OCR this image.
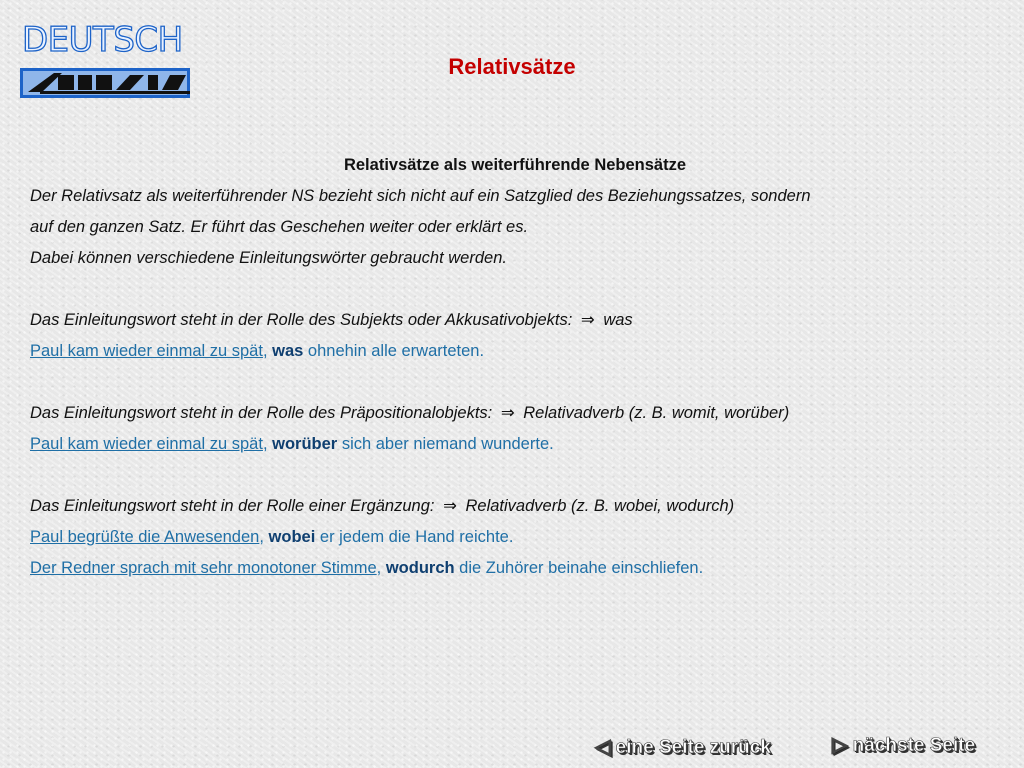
DEUTSCH
Relativsätze
Relativsätze als weiterführende Nebensätze
Der Relativsatz als weiterführender NS bezieht sich nicht auf ein Satzglied des Beziehungssatzes, sondern
auf den ganzen Satz. Er führt das Geschehen weiter oder erklärt es.
Dabei können verschiedene Einleitungswörter gebraucht werden.
Das Einleitungswort steht in der Rolle des Subjekts oder Akkusativobjekts: ⇒ was
Paul kam wieder einmal zu spät, was ohnehin alle erwarteten.
Das Einleitungswort steht in der Rolle des Präpositionalobjekts: ⇒ Relativadverb (z. B. womit, worüber)
Paul kam wieder einmal zu spät, worüber sich aber niemand wunderte.
Das Einleitungswort steht in der Rolle einer Ergänzung: ⇒ Relativadverb (z. B. wobei, wodurch)
Paul begrüßte die Anwesenden, wobei er jedem die Hand reichte.
Der Redner sprach mit sehr monotoner Stimme, wodurch die Zuhörer beinahe einschliefen.
◁ eine Seite zurück	▷ nächste Seite
